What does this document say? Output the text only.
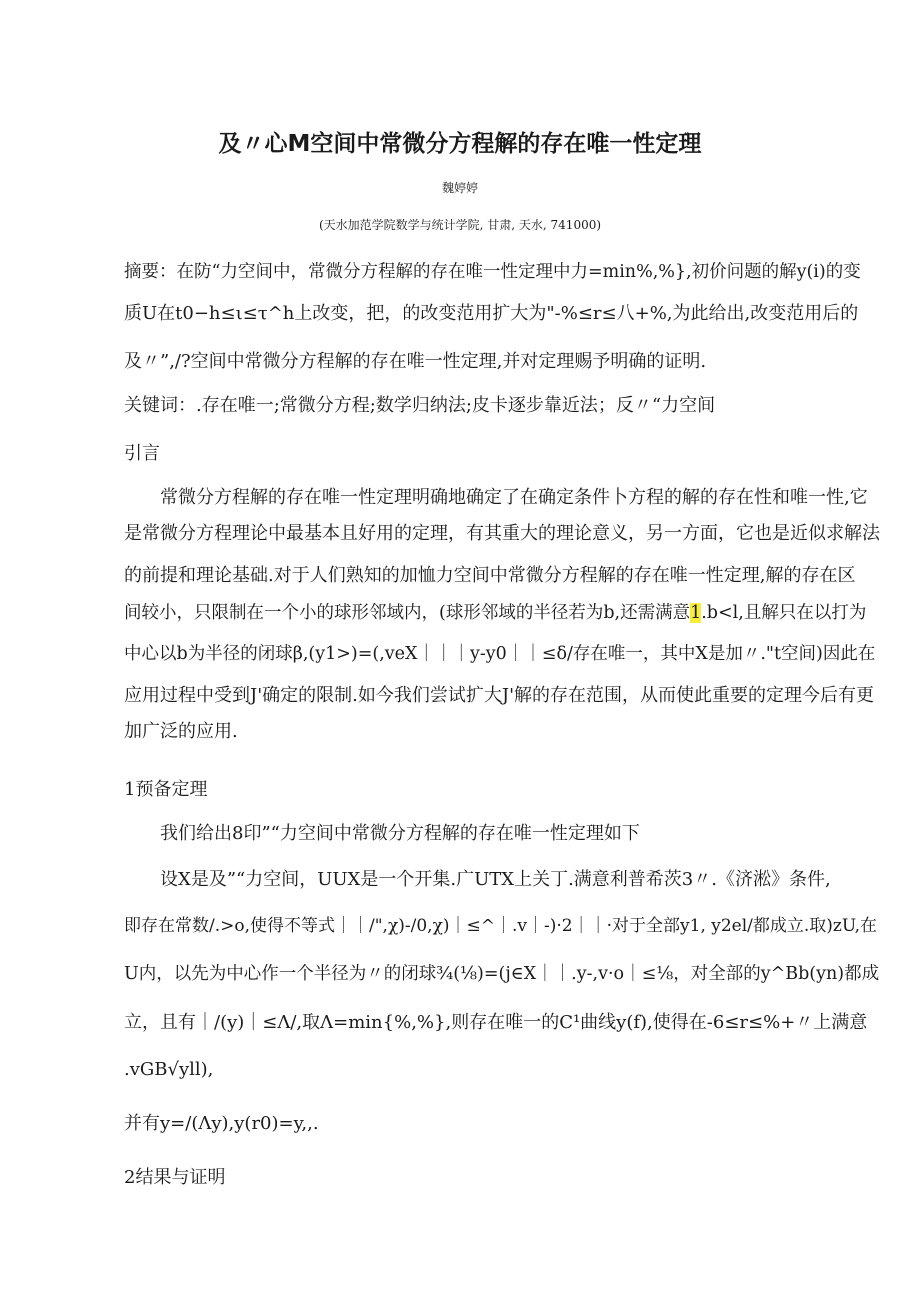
及〃心M空间中常微分方程解的存在唯一性定理
魏婷婷
(天水加范学院数学与统计学院, 甘肃, 天水, 741000)
摘要：在防“力空间中，常微分方程解的存在唯一性定理中力=min%,%},初价问题的解y(i)的变
质U在t0−h≤ι≤τ^h上改变，把，的改变范用扩大为"-%≤r≤八+%,为此给出,改变范用后的
及〃”,/?空间中常微分方程解的存在唯一性定理,并对定理赐予明确的证明.
关键词：.存在唯一;常微分方程;数学归纳法;皮卡逐步靠近法；反〃“力空间
引言
常微分方程解的存在唯一性定理明确地确定了在确定条件卜方程的解的存在性和唯一性,它
是常微分方程理论中最基本且好用的定理，有其重大的理论意义，另一方面，它也是近似求解法
的前提和理论基础.对于人们熟知的加恤力空间中常微分方程解的存在唯一性定理,解的存在区
间较小，只限制在一个小的球形邻域内，(球形邻域的半径若为b,还需满意1.b<l,且解只在以打为
中心以b为半径的闭球β,(y1>)=(,veX｜｜｜y-y0｜｜≤δ/存在唯一，其中X是加〃."t空间)因此在
应用过程中受到J'确定的限制.如今我们尝试扩大J'解的存在范围，从而使此重要的定理今后有更
加广泛的应用.
1预备定理
我们给出8印”“力空间中常微分方程解的存在唯一性定理如下
设X是及”“力空间，UUX是一个开集.广UTX上关丁.满意利普希茨3〃.《济淞》条件,
即存在常数/.>o,使得不等式｜｜/",χ)-/0,χ)｜≤^｜.v｜-)·2｜｜·对于全部y1, y2el/都成立.取)zU,在
U内，以先为中心作一个半径为〃的闭球¾(⅛)=(j∈X｜｜.y-,v·o｜≤⅛，对全部的y^Bb(yn)都成
立，且有｜/(y)｜≤Λ/,取Λ=min{%,%},则存在唯一的C¹曲线y(f),使得在-6≤r≤%+〃上满意
.vGB√yll),
并有y=/(Λy),y(r0)=y,,.
2结果与证明
